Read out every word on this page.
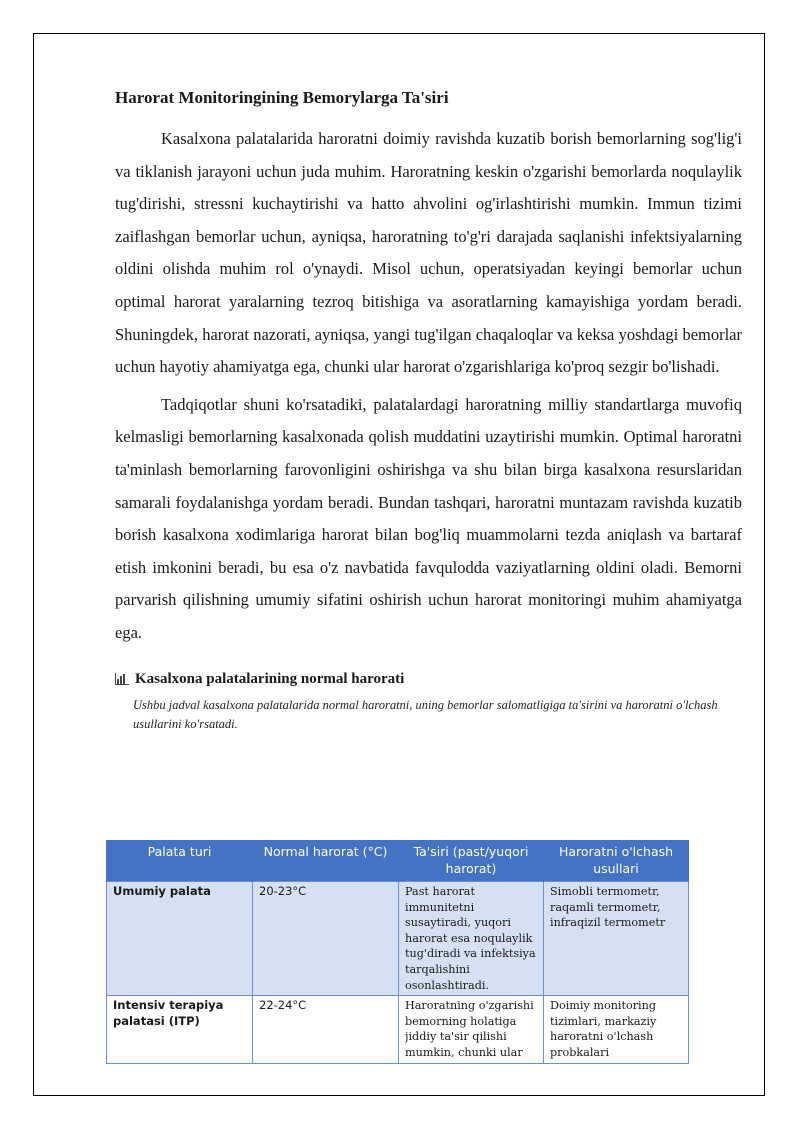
Harorat Monitoringining Bemorylarga Ta'siri

Kasalxona palatalarida haroratni doimiy ravishda kuzatib borish bemorlarning sog'lig'i va tiklanish jarayoni uchun juda muhim. Haroratning keskin o'zgarishi bemorlarda noqulaylik tug'dirishi, stressni kuchaytirishi va hatto ahvolini og'irlashtirishi mumkin. Immun tizimi zaiflashgan bemorlar uchun, ayniqsa, haroratning to'g'ri darajada saqlanishi infektsiyalarning oldini olishda muhim rol o'ynaydi. Misol uchun, operatsiyadan keyingi bemorlar uchun optimal harorat yaralarning tezroq bitishiga va asoratlarning kamayishiga yordam beradi. Shuningdek, harorat nazorati, ayniqsa, yangi tug'ilgan chaqaloqlar va keksa yoshdagi bemorlar uchun hayotiy ahamiyatga ega, chunki ular harorat o'zgarishlariga ko'proq sezgir bo'lishadi.

Tadqiqotlar shuni ko'rsatadiki, palatalardagi haroratning milliy standartlarga muvofiq kelmasligi bemorlarning kasalxonada qolish muddatini uzaytirishi mumkin. Optimal haroratni ta'minlash bemorlarning farovonligini oshirishga va shu bilan birga kasalxona resurslaridan samarali foydalanishga yordam beradi. Bundan tashqari, haroratni muntazam ravishda kuzatib borish kasalxona xodimlariga harorat bilan bog'liq muammolarni tezda aniqlash va bartaraf etish imkonini beradi, bu esa o'z navbatida favqulodda vaziyatlarning oldini oladi. Bemorni parvarish qilishning umumiy sifatini oshirish uchun harorat monitoringi muhim ahamiyatga ega.

Kasalxona palatalarining normal harorati
Ushbu jadval kasalxona palatalarida normal haroratni, uning bemorlar salomatligiga ta'sirini va haroratni o'lchash usullarini ko'rsatadi.
Palata turi	Normal harorat (°C)	Ta'siri (past/yuqori harorat)	Haroratni o'lchash usullari
Umumiy palata	20-23°C	Past harorat immunitetni susaytiradi, yuqori harorat esa noqulaylik tug'diradi va infektsiya tarqalishini osonlashtiradi.	Simobli termometr, raqamli termometr, infraqizil termometr
Intensiv terapiya palatasi (ITP)	22-24°C	Haroratning o'zgarishi bemorning holatiga jiddiy ta'sir qilishi mumkin, chunki ular	Doimiy monitoring tizimlari, markaziy haroratni o'lchash probkalari
